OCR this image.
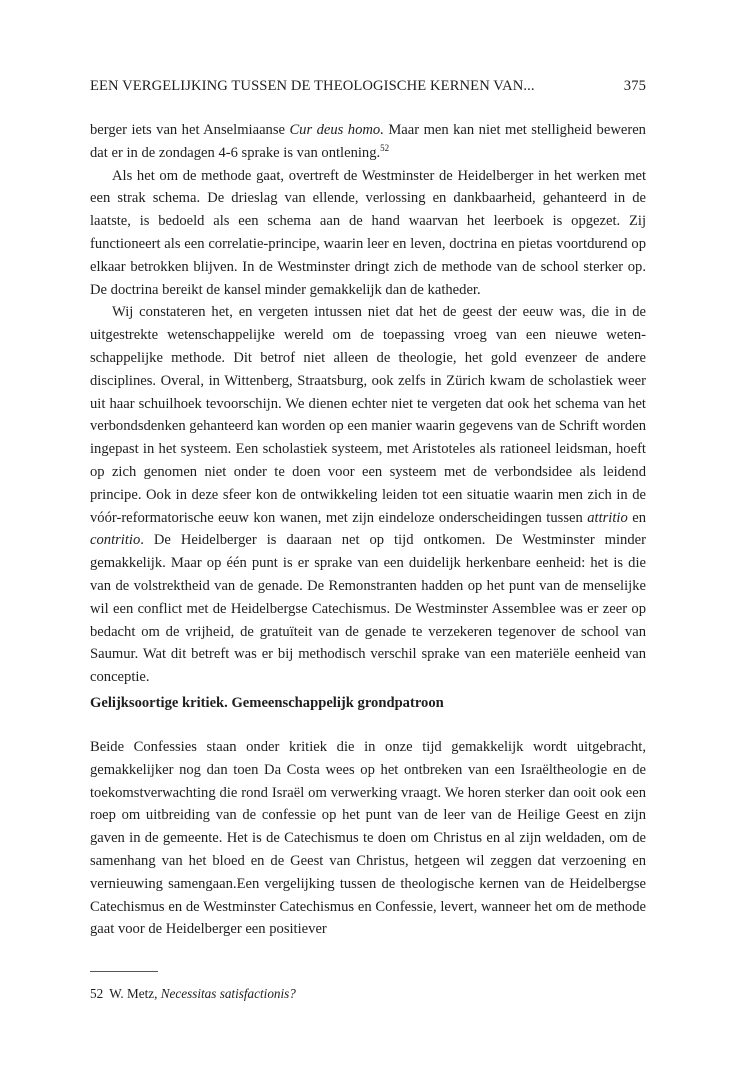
EEN VERGELIJKING TUSSEN DE THEOLOGISCHE KERNEN VAN...	375

berger iets van het Anselmiaanse Cur deus homo. Maar men kan niet met stelligheid beweren dat er in de zondagen 4-6 sprake is van ontlening.$^{52}$

Als het om de methode gaat, overtreft de Westminster de Heidelberger in het werken met een strak schema. De drieslag van ellende, verlossing en dankbaarheid, gehanteerd in de laatste, is bedoeld als een schema aan de hand waarvan het leerboek is opgezet. Zij functioneert als een correlatie-principe, waarin leer en leven, doctrina en pietas voortdurend op elkaar betrokken blijven. In de Westminster dringt zich de methode van de school sterker op. De doctrina bereikt de kansel minder gemakkelijk dan de katheder.

Wij constateren het, en vergeten intussen niet dat het de geest der eeuw was, die in de uitgestrekte wetenschappelijke wereld om de toepassing vroeg van een nieuwe wetenschappelijke methode. Dit betrof niet alleen de theologie, het gold evenzeer de andere disciplines. Overal, in Wittenberg, Straatsburg, ook zelfs in Zürich kwam de scholastiek weer uit haar schuilhoek tevoorschijn. We dienen echter niet te vergeten dat ook het schema van het verbondsdenken gehanteerd kan worden op een manier waarin gegevens van de Schrift worden ingepast in het systeem. Een scholastiek systeem, met Aristoteles als rationeel leidsman, hoeft op zich genomen niet onder te doen voor een systeem met de verbondsidee als leidend principe. Ook in deze sfeer kon de ontwikkeling leiden tot een situatie waarin men zich in de vóór-reformatorische eeuw kon wanen, met zijn eindeloze onderscheidingen tussen attritio en contritio. De Heidelberger is daaraan net op tijd ontkomen. De Westminster minder gemakkelijk. Maar op één punt is er sprake van een duidelijk herkenbare eenheid: het is die van de volstrektheid van de genade. De Remonstranten hadden op het punt van de menselijke wil een conflict met de Heidelbergse Catechismus. De Westminster Assemblee was er zeer op bedacht om de vrijheid, de gratuïteit van de genade te verzekeren tegenover de school van Saumur. Wat dit betreft was er bij methodisch verschil sprake van een materiële eenheid van conceptie.

Gelijksoortige kritiek. Gemeenschappelijk grondpatroon

Beide Confessies staan onder kritiek die in onze tijd gemakkelijk wordt uitgebracht, gemakkelijker nog dan toen Da Costa wees op het ontbreken van een Israëltheologie en de toekomstverwachting die rond Israël om verwerking vraagt. We horen sterker dan ooit ook een roep om uitbreiding van de confessie op het punt van de leer van de Heilige Geest en zijn gaven in de gemeente. Het is de Catechismus te doen om Christus en al zijn weldaden, om de samenhang van het bloed en de Geest van Christus, hetgeen wil zeggen dat verzoening en vernieuwing samengaan.Een vergelijking tussen de theologische kernen van de Heidelbergse Catechismus en de Westminster Catechismus en Confessie, levert, wanneer het om de methode gaat voor de Heidelberger een positiever

52 W. Metz, Necessitas satisfactionis?
